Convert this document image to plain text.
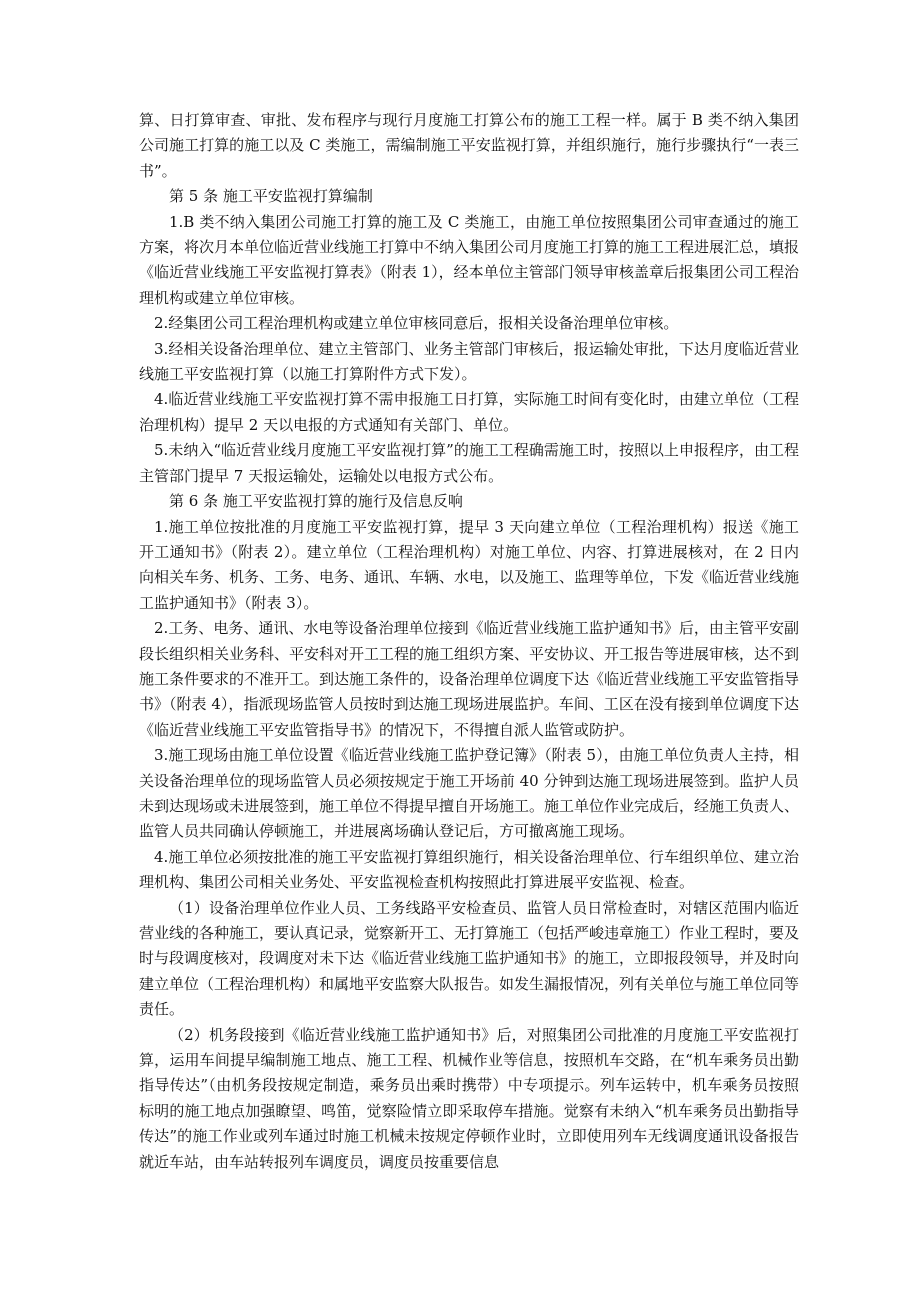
算、日打算审查、审批、发布程序与现行月度施工打算公布的施工工程一样。属于 B 类不纳入集团公司施工打算的施工以及 C 类施工，需编制施工平安监视打算，并组织施行，施行步骤执行“一表三书”。

第 5 条 施工平安监视打算编制

1.B 类不纳入集团公司施工打算的施工及 C 类施工，由施工单位按照集团公司审查通过的施工方案，将次月本单位临近营业线施工打算中不纳入集团公司月度施工打算的施工工程进展汇总，填报《临近营业线施工平安监视打算表》（附表 1），经本单位主管部门领导审核盖章后报集团公司工程治理机构或建立单位审核。

2.经集团公司工程治理机构或建立单位审核同意后，报相关设备治理单位审核。

3.经相关设备治理单位、建立主管部门、业务主管部门审核后，报运输处审批，下达月度临近营业线施工平安监视打算（以施工打算附件方式下发）。

4.临近营业线施工平安监视打算不需申报施工日打算，实际施工时间有变化时，由建立单位（工程治理机构）提早 2 天以电报的方式通知有关部门、单位。

5.未纳入“临近营业线月度施工平安监视打算”的施工工程确需施工时，按照以上申报程序，由工程主管部门提早 7 天报运输处，运输处以电报方式公布。

第 6 条 施工平安监视打算的施行及信息反响

1.施工单位按批准的月度施工平安监视打算，提早 3 天向建立单位（工程治理机构）报送《施工开工通知书》（附表 2）。建立单位（工程治理机构）对施工单位、内容、打算进展核对，在 2 日内向相关车务、机务、工务、电务、通讯、车辆、水电，以及施工、监理等单位，下发《临近营业线施工监护通知书》（附表 3）。

2.工务、电务、通讯、水电等设备治理单位接到《临近营业线施工监护通知书》后，由主管平安副段长组织相关业务科、平安科对开工工程的施工组织方案、平安协议、开工报告等进展审核，达不到施工条件要求的不准开工。到达施工条件的，设备治理单位调度下达《临近营业线施工平安监管指导书》（附表 4），指派现场监管人员按时到达施工现场进展监护。车间、工区在没有接到单位调度下达《临近营业线施工平安监管指导书》的情况下，不得擅自派人监管或防护。

3.施工现场由施工单位设置《临近营业线施工监护登记簿》（附表 5），由施工单位负责人主持，相关设备治理单位的现场监管人员必须按规定于施工开场前 40 分钟到达施工现场进展签到。监护人员未到达现场或未进展签到，施工单位不得提早擅自开场施工。施工单位作业完成后，经施工负责人、监管人员共同确认停顿施工，并进展离场确认登记后，方可撤离施工现场。

4.施工单位必须按批准的施工平安监视打算组织施行，相关设备治理单位、行车组织单位、建立治理机构、集团公司相关业务处、平安监视检查机构按照此打算进展平安监视、检查。

（1）设备治理单位作业人员、工务线路平安检查员、监管人员日常检查时，对辖区范围内临近营业线的各种施工，要认真记录，觉察新开工、无打算施工（包括严峻违章施工）作业工程时，要及时与段调度核对，段调度对未下达《临近营业线施工监护通知书》的施工，立即报段领导，并及时向建立单位（工程治理机构）和属地平安监察大队报告。如发生漏报情况，列有关单位与施工单位同等责任。

（2）机务段接到《临近营业线施工监护通知书》后，对照集团公司批准的月度施工平安监视打算，运用车间提早编制施工地点、施工工程、机械作业等信息，按照机车交路，在“机车乘务员出勤指导传达”（由机务段按规定制造，乘务员出乘时携带）中专项提示。列车运转中，机车乘务员按照标明的施工地点加强瞭望、鸣笛，觉察险情立即采取停车措施。觉察有未纳入“机车乘务员出勤指导传达”的施工作业或列车通过时施工机械未按规定停顿作业时，立即使用列车无线调度通讯设备报告就近车站，由车站转报列车调度员，调度员按重要信息
